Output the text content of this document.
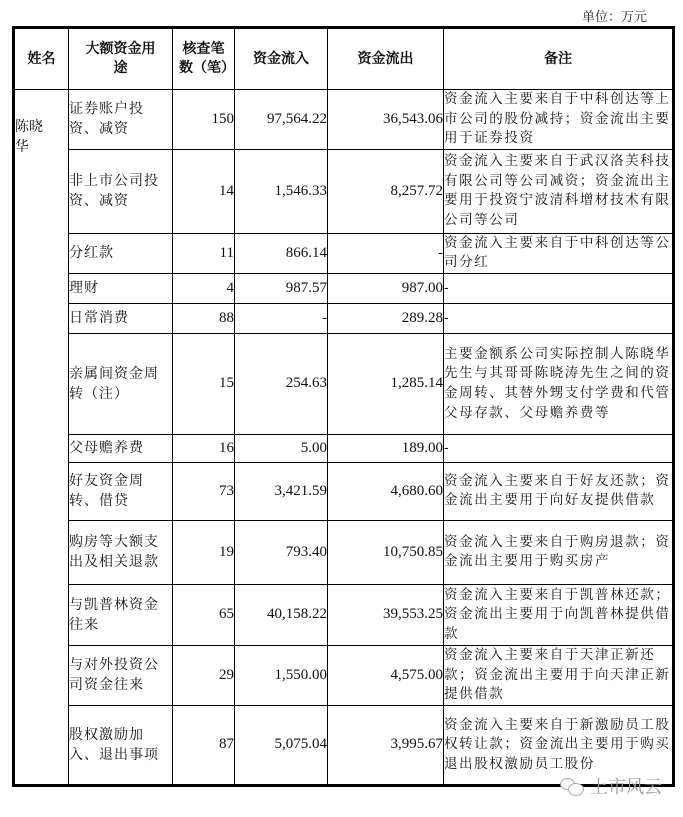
单位：万元
姓名	大额资金用途	核查笔数（笔）	资金流入	资金流出	备注

陈晓华	证券账户投资、减资	150	97,564.22	36,543.06	资金流入主要来自于中科创达等上市公司的股份减持；资金流出主要用于证券投资
	非上市公司投资、减资	14	1,546.33	8,257.72	资金流入主要来自于武汉洛芙科技有限公司等公司减资；资金流出主要用于投资宁波清科增材技术有限公司等公司
	分红款	11	866.14	-	资金流入主要来自于中科创达等公司分红
	理财	4	987.57	987.00	-
	日常消费	88	-	289.28	-
	亲属间资金周转（注）	15	254.63	1,285.14	主要金额系公司实际控制人陈晓华先生与其哥哥陈晓涛先生之间的资金周转、其替外甥支付学费和代管父母存款、父母赡养费等
	父母赡养费	16	5.00	189.00	-
	好友资金周转、借贷	73	3,421.59	4,680.60	资金流入主要来自于好友还款；资金流出主要用于向好友提供借款
	购房等大额支出及相关退款	19	793.40	10,750.85	资金流入主要来自于购房退款；资金流出主要用于购买房产
	与凯普林资金往来	65	40,158.22	39,553.25	资金流入主要来自于凯普林还款；资金流出主要用于向凯普林提供借款
	与对外投资公司资金往来	29	1,550.00	4,575.00	资金流入主要来自于天津正新还款；资金流出主要用于向天津正新提供借款
	股权激励加入、退出事项	87	5,075.04	3,995.67	资金流入主要来自于新激励员工股权转让款；资金流出主要用于购买退出股权激励员工股份
上市风云
